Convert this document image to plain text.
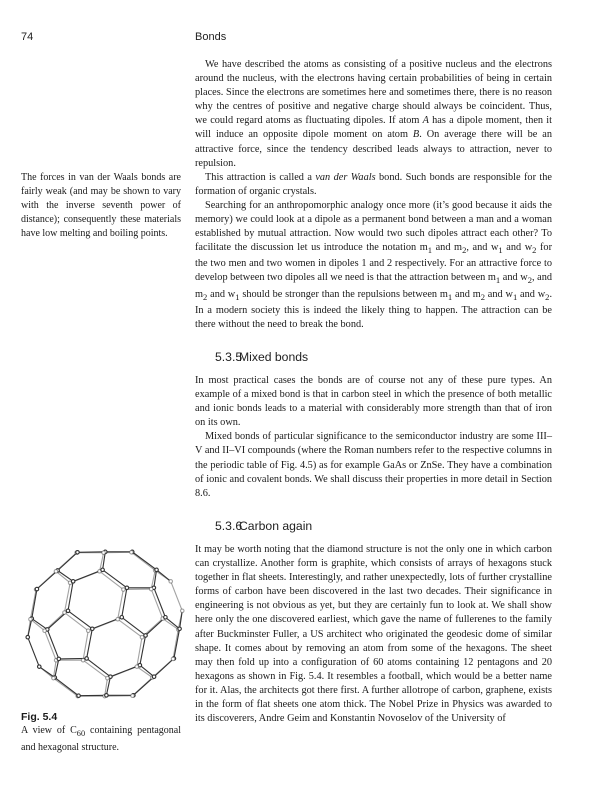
74	Bonds
The forces in van der Waals bonds are fairly weak (and may be shown to vary with the inverse seventh power of distance); consequently these materials have low melting and boiling points.

We have described the atoms as consisting of a positive nucleus and the electrons around the nucleus, with the electrons having certain probabilities of being in certain places. Since the electrons are sometimes here and sometimes there, there is no reason why the centres of positive and negative charge should always be coincident. Thus, we could regard atoms as fluctuating dipoles. If atom A has a dipole moment, then it will induce an opposite dipole moment on atom B. On average there will be an attractive force, since the tendency described leads always to attraction, never to repulsion.

This attraction is called a van der Waals bond. Such bonds are responsible for the formation of organic crystals.

Searching for an anthropomorphic analogy once more (it’s good because it aids the memory) we could look at a dipole as a permanent bond between a man and a woman established by mutual attraction. Now would two such dipoles attract each other? To facilitate the discussion let us introduce the notation $m_1$ and $m_2$, and $w_1$ and $w_2$ for the two men and two women in dipoles 1 and 2 respectively. For an attractive force to develop between two dipoles all we need is that the attraction between $m_1$ and $w_2$, and $m_2$ and $w_1$ should be stronger than the repulsions between $m_1$ and $m_2$ and $w_1$ and $w_2$. In a modern society this is indeed the likely thing to happen. The attraction can be there without the need to break the bond.

5.3.5Mixed bonds

In most practical cases the bonds are of course not any of these pure types. An example of a mixed bond is that in carbon steel in which the presence of both metallic and ionic bonds leads to a material with considerably more strength than that of iron on its own.

Mixed bonds of particular significance to the semiconductor industry are some III–V and II–VI compounds (where the Roman numbers refer to the respective columns in the periodic table of Fig. 4.5) as for example GaAs or ZnSe. They have a combination of ionic and covalent bonds. We shall discuss their properties in more detail in Section 8.6.

5.3.6Carbon again

It may be worth noting that the diamond structure is not the only one in which carbon can crystallize. Another form is graphite, which consists of arrays of hexagons stuck together in flat sheets. Interestingly, and rather unexpectedly, lots of further crystalline forms of carbon have been discovered in the last two decades. Their significance in engineering is not obvious as yet, but they are certainly fun to look at. We shall show here only the one discovered earliest, which gave the name of fullerenes to the family after Buckminster Fuller, a US architect who originated the geodesic dome of similar shape. It comes about by removing an atom from some of the hexagons. The sheet may then fold up into a configuration of 60 atoms containing 12 pentagons and 20 hexagons as shown in Fig. 5.4. It resembles a football, which would be a better name for it. Alas, the architects got there first. A further allotrope of carbon, graphene, exists in the form of flat sheets one atom thick. The Nobel Prize in Physics was awarded to its discoverers, Andre Geim and Konstantin Novoselov of the University of

Fig. 5.4
A view of $C_{60}$ containing pentagonal and hexagonal structure.
